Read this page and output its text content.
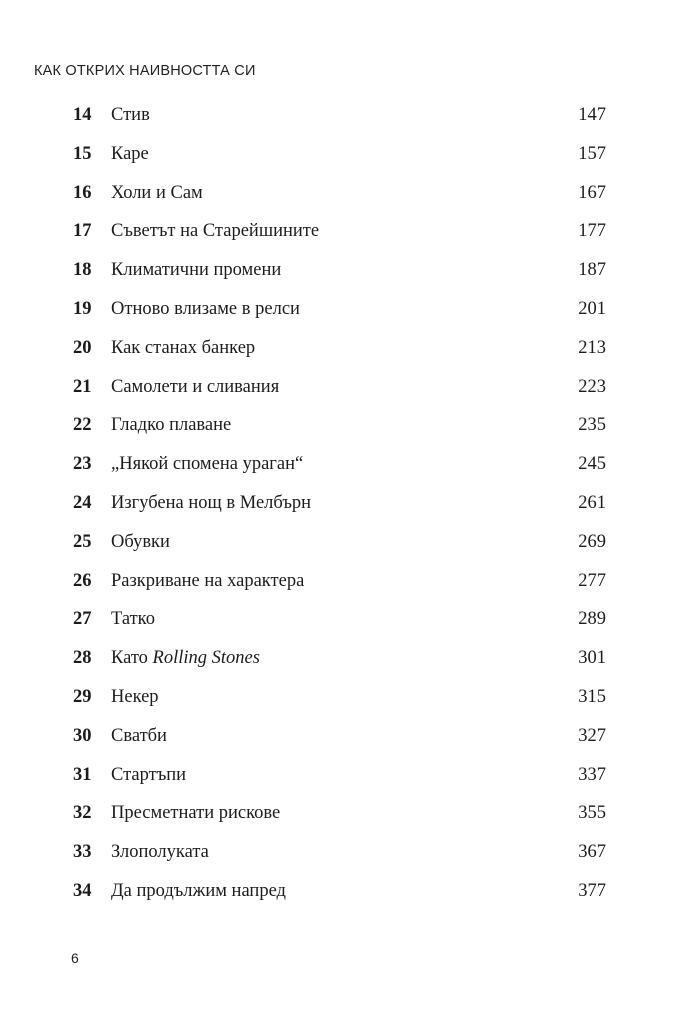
КАК ОТКРИХ НАИВНОСТТА СИ
14 Стив	147
15 Каре	157
16 Холи и Сам	167
17 Съветът на Старейшините	177
18 Климатични промени	187
19 Отново влизаме в релси	201
20 Как станах банкер	213
21 Самолети и сливания	223
22 Гладко плаване	235
23 „Някой спомена ураган“	245
24 Изгубена нощ в Мелбърн	261
25 Обувки	269
26 Разкриване на характера	277
27 Татко	289
28 Като Rolling Stones	301
29 Некер	315
30 Сватби	327
31 Стартъпи	337
32 Пресметнати рискове	355
33 Злополуката	367
34 Да продължим напред	377
6
